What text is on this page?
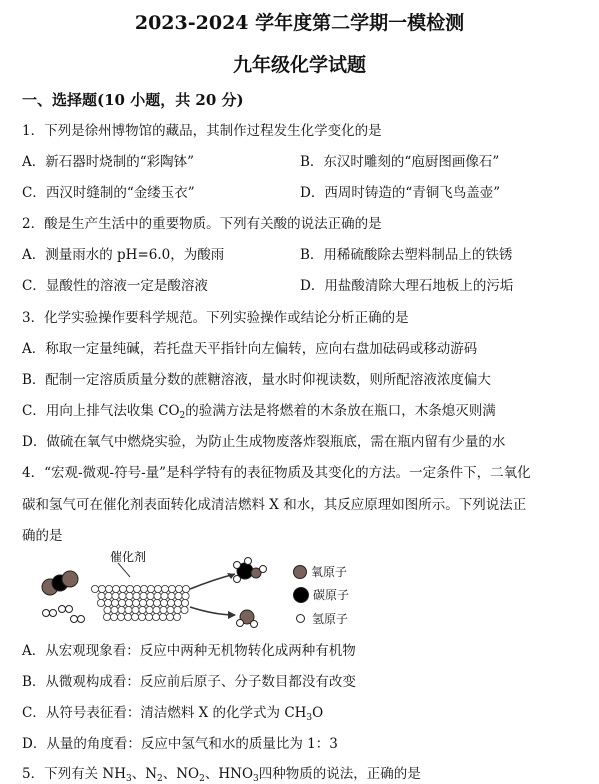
2023-2024 学年度第二学期一模检测
九年级化学试题
一、选择题(10 小题，共 20 分)
1．下列是徐州博物馆的藏品，其制作过程发生化学变化的是
A．新石器时烧制的“彩陶钵”	B．东汉时雕刻的“庖厨图画像石”
C．西汉时缝制的“金缕玉衣”	D．西周时铸造的“青铜飞鸟盖壶”
2．酸是生产生活中的重要物质。下列有关酸的说法正确的是
A．测量雨水的 pH=6.0，为酸雨	B．用稀硫酸除去塑料制品上的铁锈
C．显酸性的溶液一定是酸溶液	D．用盐酸清除大理石地板上的污垢
3．化学实验操作要科学规范。下列实验操作或结论分析正确的是
A．称取一定量纯碱，若托盘天平指针向左偏转，应向右盘加砝码或移动游码
B．配制一定溶质质量分数的蔗糖溶液，量水时仰视读数，则所配溶液浓度偏大
C．用向上排气法收集 $CO_2$的验满方法是将燃着的木条放在瓶口，木条熄灭则满
D．做硫在氧气中燃烧实验，为防止生成物废落炸裂瓶底，需在瓶内留有少量的水
4．“宏观-微观-符号-量”是科学特有的表征物质及其变化的方法。一定条件下，二氧化
碳和氢气可在催化剂表面转化成清洁燃料 X 和水，其反应原理如图所示。下列说法正
确的是
催化剂
氧原子
碳原子
氢原子
A．从宏观现象看：反应中两种无机物转化成两种有机物
B．从微观构成看：反应前后原子、分子数目都没有改变
C．从符号表征看：清洁燃料 X 的化学式为 $CH_3O$
D．从量的角度看：反应中氢气和水的质量比为 1：3
5．下列有关 $NH_3$、$N_2$、$NO_2$、$HNO_3$四种物质的说法，正确的是
